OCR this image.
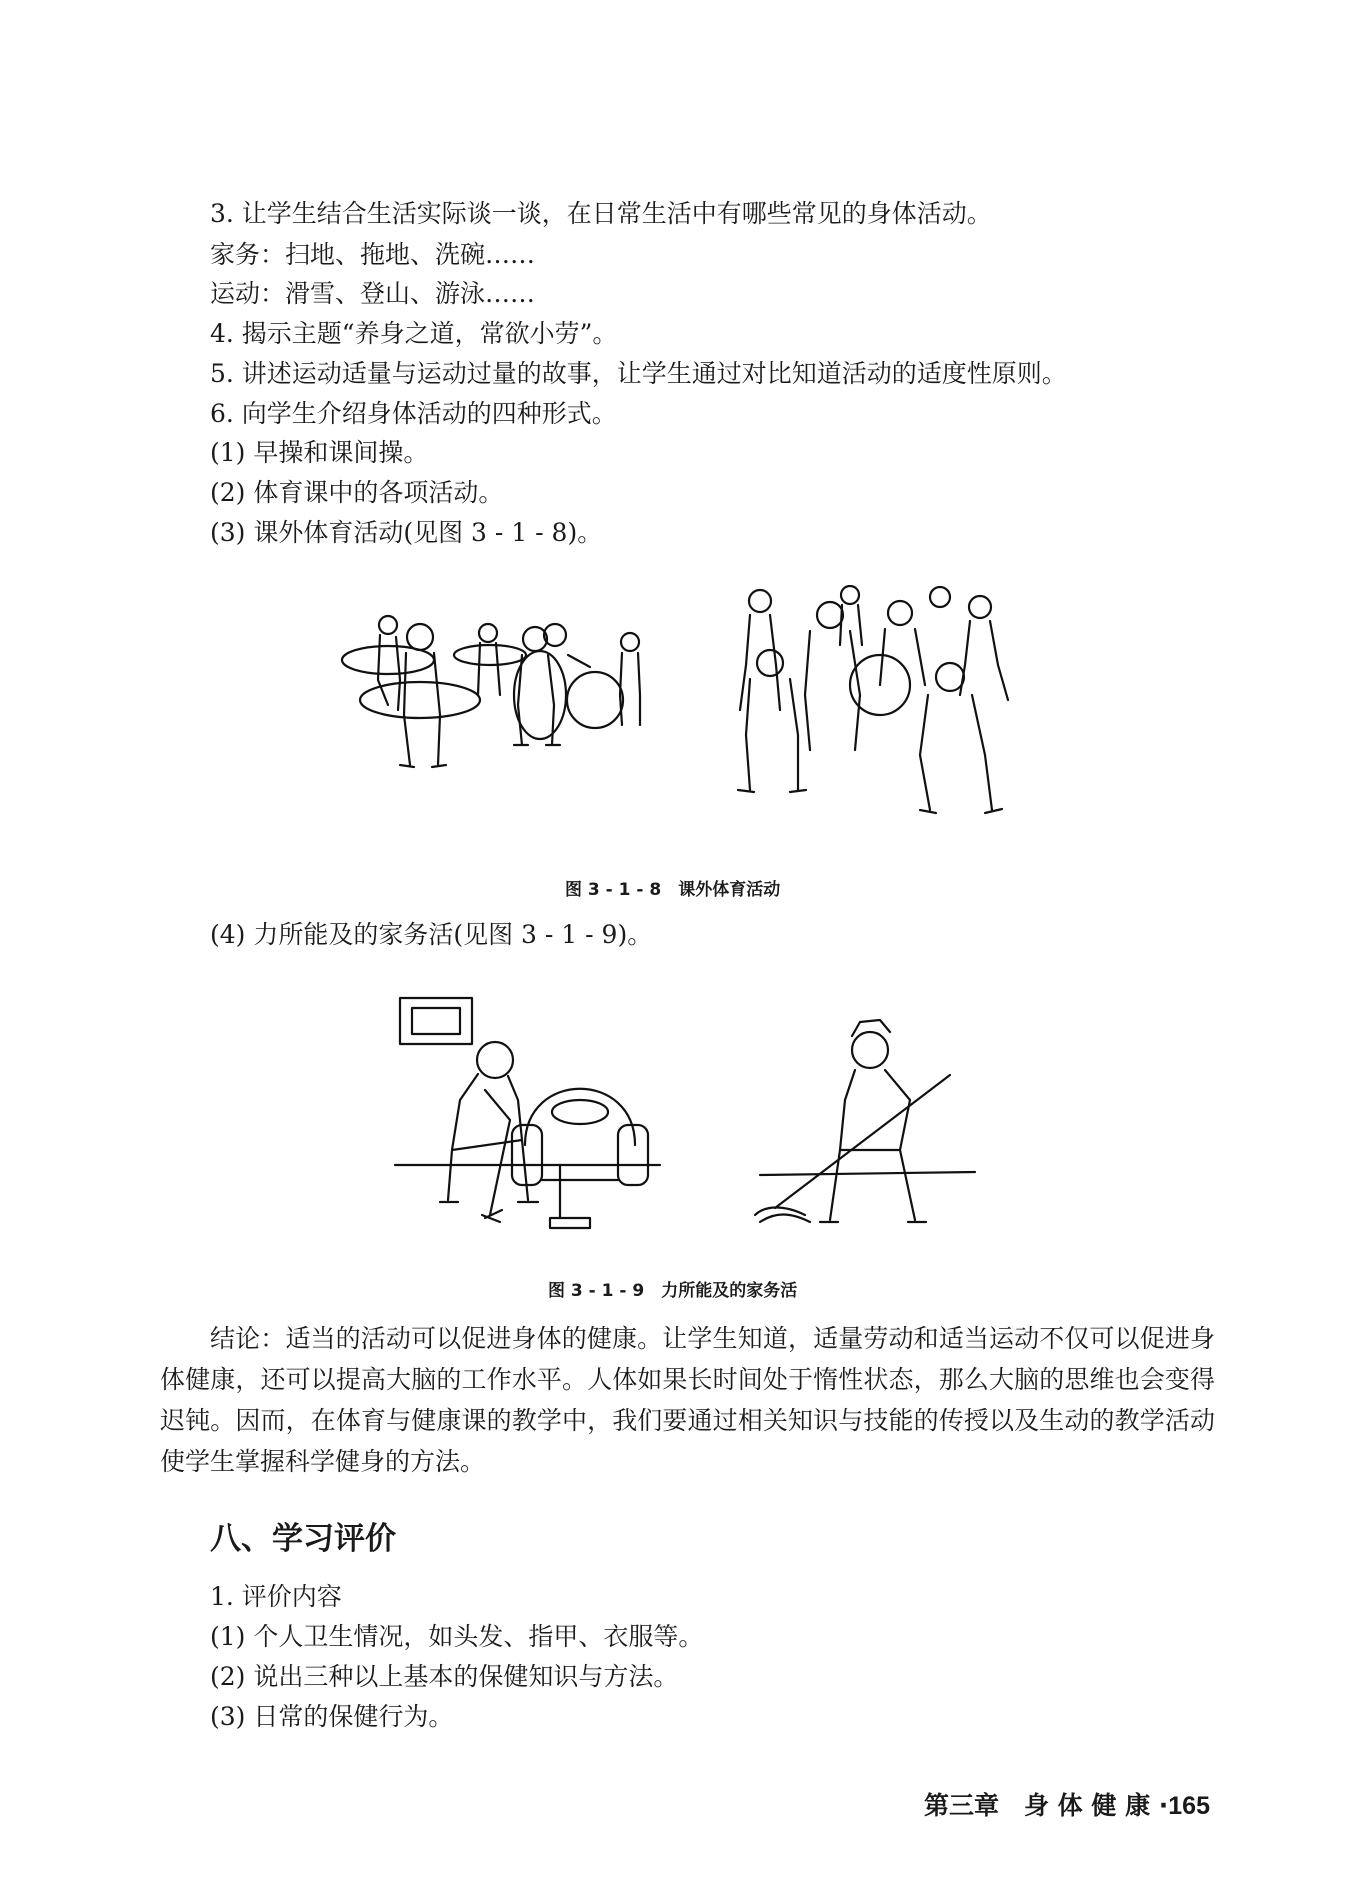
3. 让学生结合生活实际谈一谈，在日常生活中有哪些常见的身体活动。
家务：扫地、拖地、洗碗……
运动：滑雪、登山、游泳……
4. 揭示主题“养身之道，常欲小劳”。
5. 讲述运动适量与运动过量的故事，让学生通过对比知道活动的适度性原则。
6. 向学生介绍身体活动的四种形式。
(1) 早操和课间操。
(2) 体育课中的各项活动。
(3) 课外体育活动(见图 3 - 1 - 8)。
图 3 - 1 - 8　课外体育活动
(4) 力所能及的家务活(见图 3 - 1 - 9)。
图 3 - 1 - 9　力所能及的家务活
结论：适当的活动可以促进身体的健康。让学生知道，适量劳动和适当运动不仅可以促进身体健康，还可以提高大脑的工作水平。人体如果长时间处于惰性状态，那么大脑的思维也会变得迟钝。因而，在体育与健康课的教学中，我们要通过相关知识与技能的传授以及生动的教学活动使学生掌握科学健身的方法。
八、学习评价
1. 评价内容
(1) 个人卫生情况，如头发、指甲、衣服等。
(2) 说出三种以上基本的保健知识与方法。
(3) 日常的保健行为。
第三章　身 体 健 康 ·165
